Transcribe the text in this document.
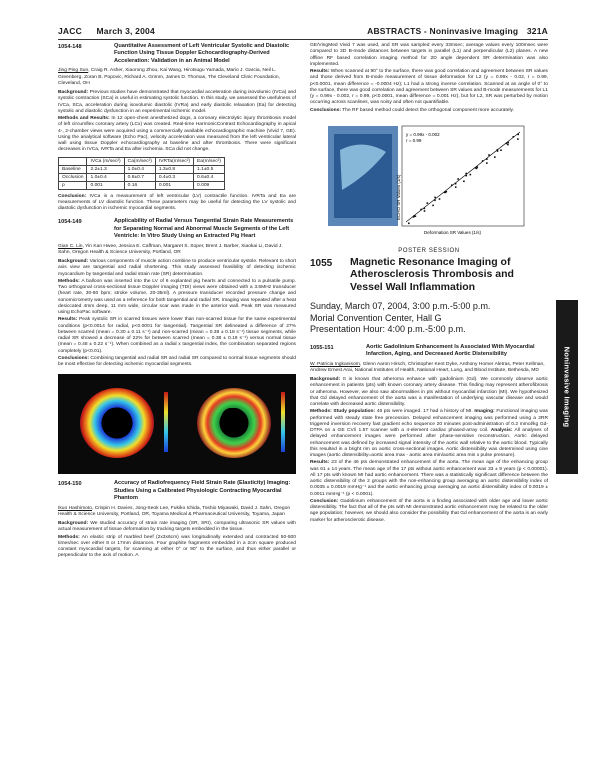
JACC March 3, 2004	ABSTRACTS - Noninvasive Imaging 321A
1054-148	Quantitative Assessment of Left Ventricular Systolic and Diastolic Function Using Tissue Doppler Echocardiography-Derived Acceleration: Validation in an Animal Model
Jing Ping Sun, Craig R. Asher, Xiaorong Zhou, Kai Wang, Hirotsugu Yamada, Mario J. Garcia, Neil L. Greenberg, Zoran B. Popovic, Richard A. Grimm, James D. Thomas, The Cleveland Clinic Foundation, Cleveland, OH

Background: Previous studies have demonstrated that myocardial acceleration during isovolumic (IVCa) and systolic contraction (SCa) is useful in estimating systolic function. In this study, we assessed the usefulness of IVCa, SCa, acceleration during isovolumic diastolic (IVRa) and early diastolic relaxation (Ea) for detecting systolic and diastolic dysfunction in an experimental ischemic model.

Methods and Results: In 12 open-chest anesthetized dogs, a coronary electrolytic injury thrombosis model of left circumflex coronary artery (LCx) was created. Real-time HarmonicContrast Echocardiography in apical 4-, 2-chamber views were acquired using a commercially available echocardiographic machine (Vivid 7, GE). Using the analytical software (Echo Pac), velocity acceleration was measured from the left ventricular lateral wall using tissue Doppler echocardiography at baseline and after thrombosis. There were significant decreases in IVCa, IVRTa and Ea after ischemia. SCa did not change.

	IVCa (m/sec²)	Ca(m/sec²)	IVRTa(m/sec²)	Ea(m/sec²)
Baseline	2.2±1.3	1.0±0.4	1.3±0.8	1.1±0.5
Occlusion	1.0±0.4	0.8±0.7	0.4±0.3	0.6±0.4
p	0.001	0.16	0.001	0.009

Conclusion: IVCa is a measurement of left ventricular (LV) contractile function. IVRTa and Ea are measurements of LV diastolic function. These parameters may be useful for detecting the LV systolic and diastolic dysfunction in ischemic myocardial segments.

1054-149	Applicability of Radial Versus Tangential Strain Rate Measurements for Separating Normal and Abnormal Muscle Segments of the Left Ventricle: In Vitro Study Using an Extracted Pig Heart
Gian C. Lin, Yin Kan Hwee, Jessica E. Caffman, Margaret S. Soper, Brent J. Barber, Xiaokai Li, David J. Sahn, Oregon Health & Science University, Portland, OR

Background: Various components of muscle action combine to produce ventricular systole. Relevant to short axis view are tangential and radial shortening. This study assessed feasibility of detecting ischemic myocardium by tangential and radial strain rate (SR) determination.

Methods: A balloon was inserted into the LV of 6 explanted pig hearts and connected to a pulsatile pump. Two orthogonal cross-sectional tissue Doppler imaging (TDI) views were obtained with a 3.5MHz transducer (heart rate, 30-60 bpm; stroke volume, 20-35ml). A pressure transducer recorded pressure change and sonomicrometry was used as a reference for both tangential and radial SR. Imaging was repeated after a heat desiccated 4mm deep, 11 mm wide, circular scar was made in the anterior wall. Peak SR was measured using EchoPac software.

Results: Peak systolic SR in scarred tissues were lower than non-scarred tissue for the same experimental conditions (p<0.0014 for radial, p<0.0001 for tangential). Tangential SR delineated a difference of 27% between scarred (mean = 0.30 ± 0.11 s⁻¹) and non-scarred (mean = 0.38 ± 0.18 s⁻¹) tissue segments, while radial SR showed a decrease of 22% for between scarred (mean = 0.38 ± 0.19 s⁻¹) versus normal tissue (mean = 0.48 ± 0.22 s⁻¹). When combined as a radial x tangential index, the combination separated regions completely (p<0.01).

Conclusions: Combining tangential and radial SR and radial SR compared to normal tissue segments should be most effective for detecting ischemic myocardial segments.

1054-150	Accuracy of Radiofrequency Field Strain Rate (Elasticity) Imaging: Studies Using a Calibrated Physiologic Contracting Myocardial Phantom
Ikuo Hashimoto, Crispin H. Davies, Jong-Seok Lee, Fukiko Ichida, Toshio Miyawaki, David J. Sahn, Oregon Health & Science University, Portland, OR, Toyama Medical & Pharmaceutical University, Toyama, Japan

Background: We studied accuracy of strain rate imaging (SR, SRI), comparing ultrasonic SR values with actual measurement of tissue deformation by tracking targets embedded in the tissue.

Methods: An elastic strip of marbled beef (2x3x6cm) was longitudinally extended and contracted 50-500 times/sec over either 8 or 17mm distances. Four graphite fragments embedded in a 2cm square produced constant myocardial targets, for scanning at either 0° or 90° to the surface, and thus either parallel or perpendicular to the axis of motion. A

GE/VingMed Vivid 7 was used, and SR was sampled every 33msec; average values every 100msec were compared to 2D B-mode distances between targets in parallel (L1) and perpendicular (L2) planes. A new offline RF based correlation imaging method for 2D angle dependent SR determination was also implemented.

Results: When scanned at 90° to the surface, there was good correlation and agreement between SR values and those derived from B-mode measurement of tissue deformation for L2 (y = 0.99x - 0.02, r = 0.99, p<0.0001, mean difference = -0.0004 Hz); L1 had a strong inverse correlation. Scanned at an angle of 0° to the surface, there was good correlation and agreement between SR values and B-mode measurements for L1 (y = 0.99x - 0.002, r = 0.99, p<0.0001, mean difference = 0.001 Hz), but for L2, SR was perturbed by motion occurring across scanlines, was noisy and often not quantifiable.

Conclusions: The RF based method could detect the orthogonal component more accurately.

y = 0.99x - 0.002
r = 0.99
ECHO SR Values (1/s)
Deformation SR Values (1/s)
POSTER SESSION
1055	Magnetic Resonance Imaging of Atherosclerosis Thrombosis and Vessel Wall Inflammation
Sunday, March 07, 2004, 3:00 p.m.-5:00 p.m.
Morial Convention Center, Hall G
Presentation Hour: 4:00 p.m.-5:00 p.m.
1055-151	Aortic Gadolinium Enhancement Is Associated With Myocardial Infarction, Aging, and Decreased Aortic Distensibility
W. Patricia Ingkanisorn, Glenn Aaron Hirsch, Christopher Kent Dyke, Anthony Homer Aletras, Peter Kellman, Andrew Ernest Arai, National Institutes of Health, National Heart, Lung, and Blood Institute, Bethesda, MD

Background: It is known that atheroma enhance with gadolinium (Gd). We commonly observe aortic enhancement in patients (pts) with known coronary artery disease. This finding may represent atherofibrosis or atheroma. However, we also saw abnormalities in pts without myocardial infarction (MI). We hypothesized that Gd delayed enhancement of the aorta was a manifestation of underlying vascular disease and would correlate with decreased aortic distensibility.

Methods: Study population: 46 pts were imaged. 17 had a history of MI. Imaging: Functional imaging was performed with steady state free precession. Delayed enhancement imaging was performed using a 2RR triggered inversion recovery fast gradient echo sequence 20 minutes post-administration of 0.2 mmol/kg Gd-DTPA on a GE CV/i 1.5T scanner with a 4-element cardiac phased-array coil. Analysis: All analyses of delayed enhancement images were performed after phase-sensitive reconstruction. Aortic delayed enhancement was defined by increased signal intensity of the aortic wall relative to the aortic blood. Typically this resulted in a bright rim on aortic cross-sectional images. Aortic distensibility was determined using cine images (aortic distensibility=aortic area max - aortic area min/aortic area min x pulse pressure).

Results: 23 of the 46 pts demonstrated enhancement of the aorta. The mean age of the enhancing group was 61 ± 14 years. The mean age of the 17 pts without aortic enhancement was 33 ± 9 years (p < 0.00001). All 17 pts with known MI had aortic enhancement. There was a statistically significant difference between the aortic distensibility of the 2 groups with the non-enhancing group averaging an aortic distensibility index of 0.0035 ± 0.0019 mmHg⁻¹ and the aortic enhancing group averaging an aortic distensibility index of 0.0019 ± 0.0011 mmHg⁻¹ (p < 0.0001).

Conclusion: Gadolinium enhancement of the aorta is a finding associated with older age and lower aortic distensibility. The fact that all of the pts with MI demonstrated aortic enhancement may be related to the older age population; however, we should also consider the possibility that Gd enhancement of the aorta is an early marker for atherosclerotic disease.

Noninvasive Imaging
